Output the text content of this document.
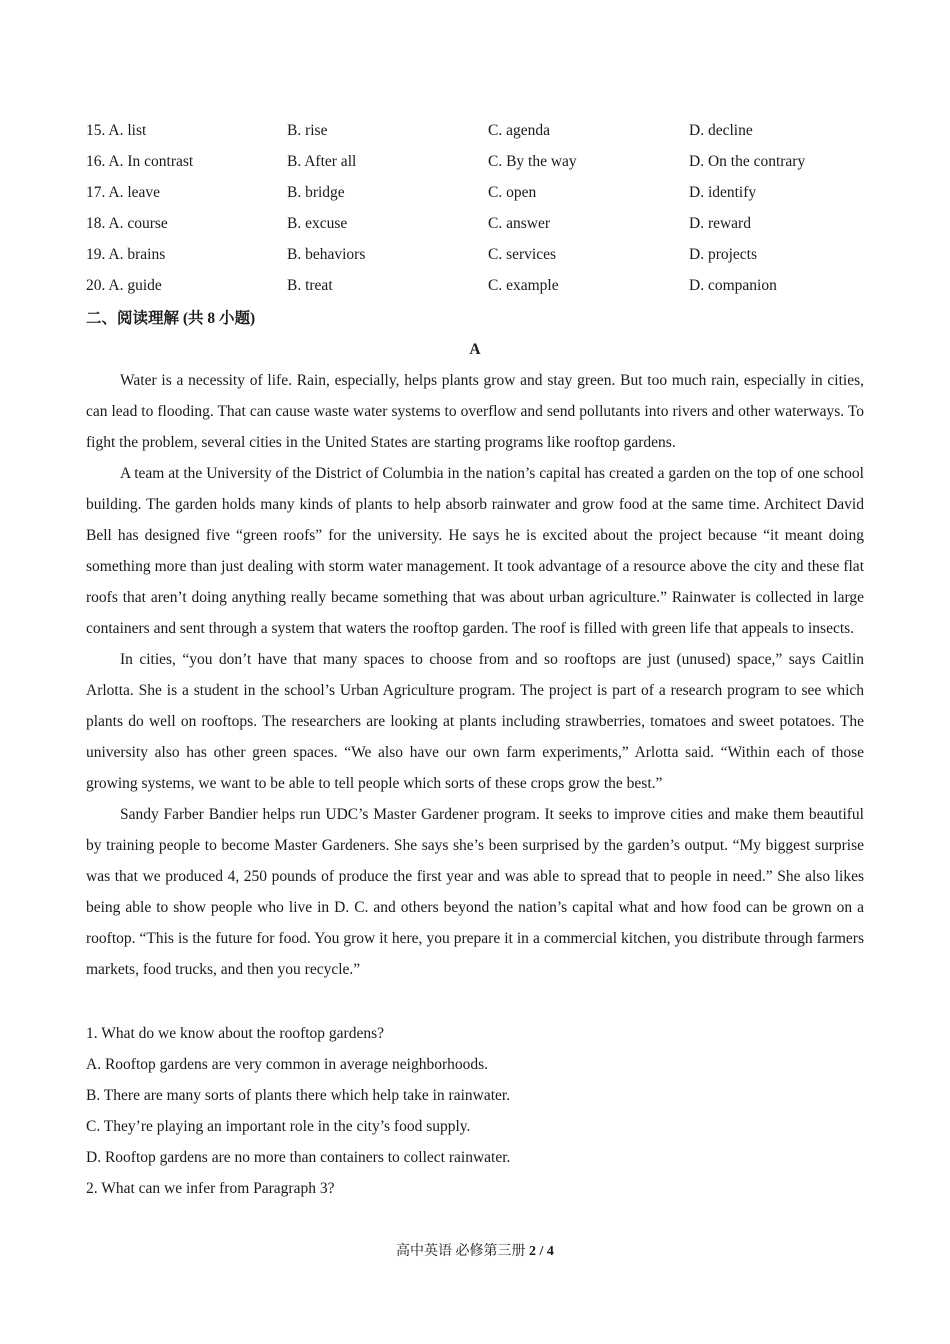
15. A. list	B. rise	C. agenda	D. decline
16. A. In contrast	B. After all	C. By the way	D. On the contrary
17. A. leave	B. bridge	C. open	D. identify
18. A. course	B. excuse	C. answer	D. reward
19. A. brains	B. behaviors	C. services	D. projects
20. A. guide	B. treat	C. example	D. companion
二、阅读理解 (共 8 小题)
A

Water is a necessity of life. Rain, especially, helps plants grow and stay green. But too much rain, especially in cities, can lead to flooding. That can cause waste water systems to overflow and send pollutants into rivers and other waterways. To fight the problem, several cities in the United States are starting programs like rooftop gardens.

A team at the University of the District of Columbia in the nation’s capital has created a garden on the top of one school building. The garden holds many kinds of plants to help absorb rainwater and grow food at the same time. Architect David Bell has designed five “green roofs” for the university. He says he is excited about the project because “it meant doing something more than just dealing with storm water management. It took advantage of a resource above the city and these flat roofs that aren’t doing anything really became something that was about urban agriculture.” Rainwater is collected in large containers and sent through a system that waters the rooftop garden. The roof is filled with green life that appeals to insects.

In cities, “you don’t have that many spaces to choose from and so rooftops are just (unused) space,” says Caitlin Arlotta. She is a student in the school’s Urban Agriculture program. The project is part of a research program to see which plants do well on rooftops. The researchers are looking at plants including strawberries, tomatoes and sweet potatoes. The university also has other green spaces. “We also have our own farm experiments,” Arlotta said. “Within each of those growing systems, we want to be able to tell people which sorts of these crops grow the best.”

Sandy Farber Bandier helps run UDC’s Master Gardener program. It seeks to improve cities and make them beautiful by training people to become Master Gardeners. She says she’s been surprised by the garden’s output. “My biggest surprise was that we produced 4, 250 pounds of produce the first year and was able to spread that to people in need.” She also likes being able to show people who live in D. C. and others beyond the nation’s capital what and how food can be grown on a rooftop. “This is the future for food. You grow it here, you prepare it in a commercial kitchen, you distribute through farmers markets, food trucks, and then you recycle.”

1. What do we know about the rooftop gardens?

A. Rooftop gardens are very common in average neighborhoods.

B. There are many sorts of plants there which help take in rainwater.

C. They’re playing an important role in the city’s food supply.

D. Rooftop gardens are no more than containers to collect rainwater.

2. What can we infer from Paragraph 3?

高中英语 必修第三册 2 / 4
